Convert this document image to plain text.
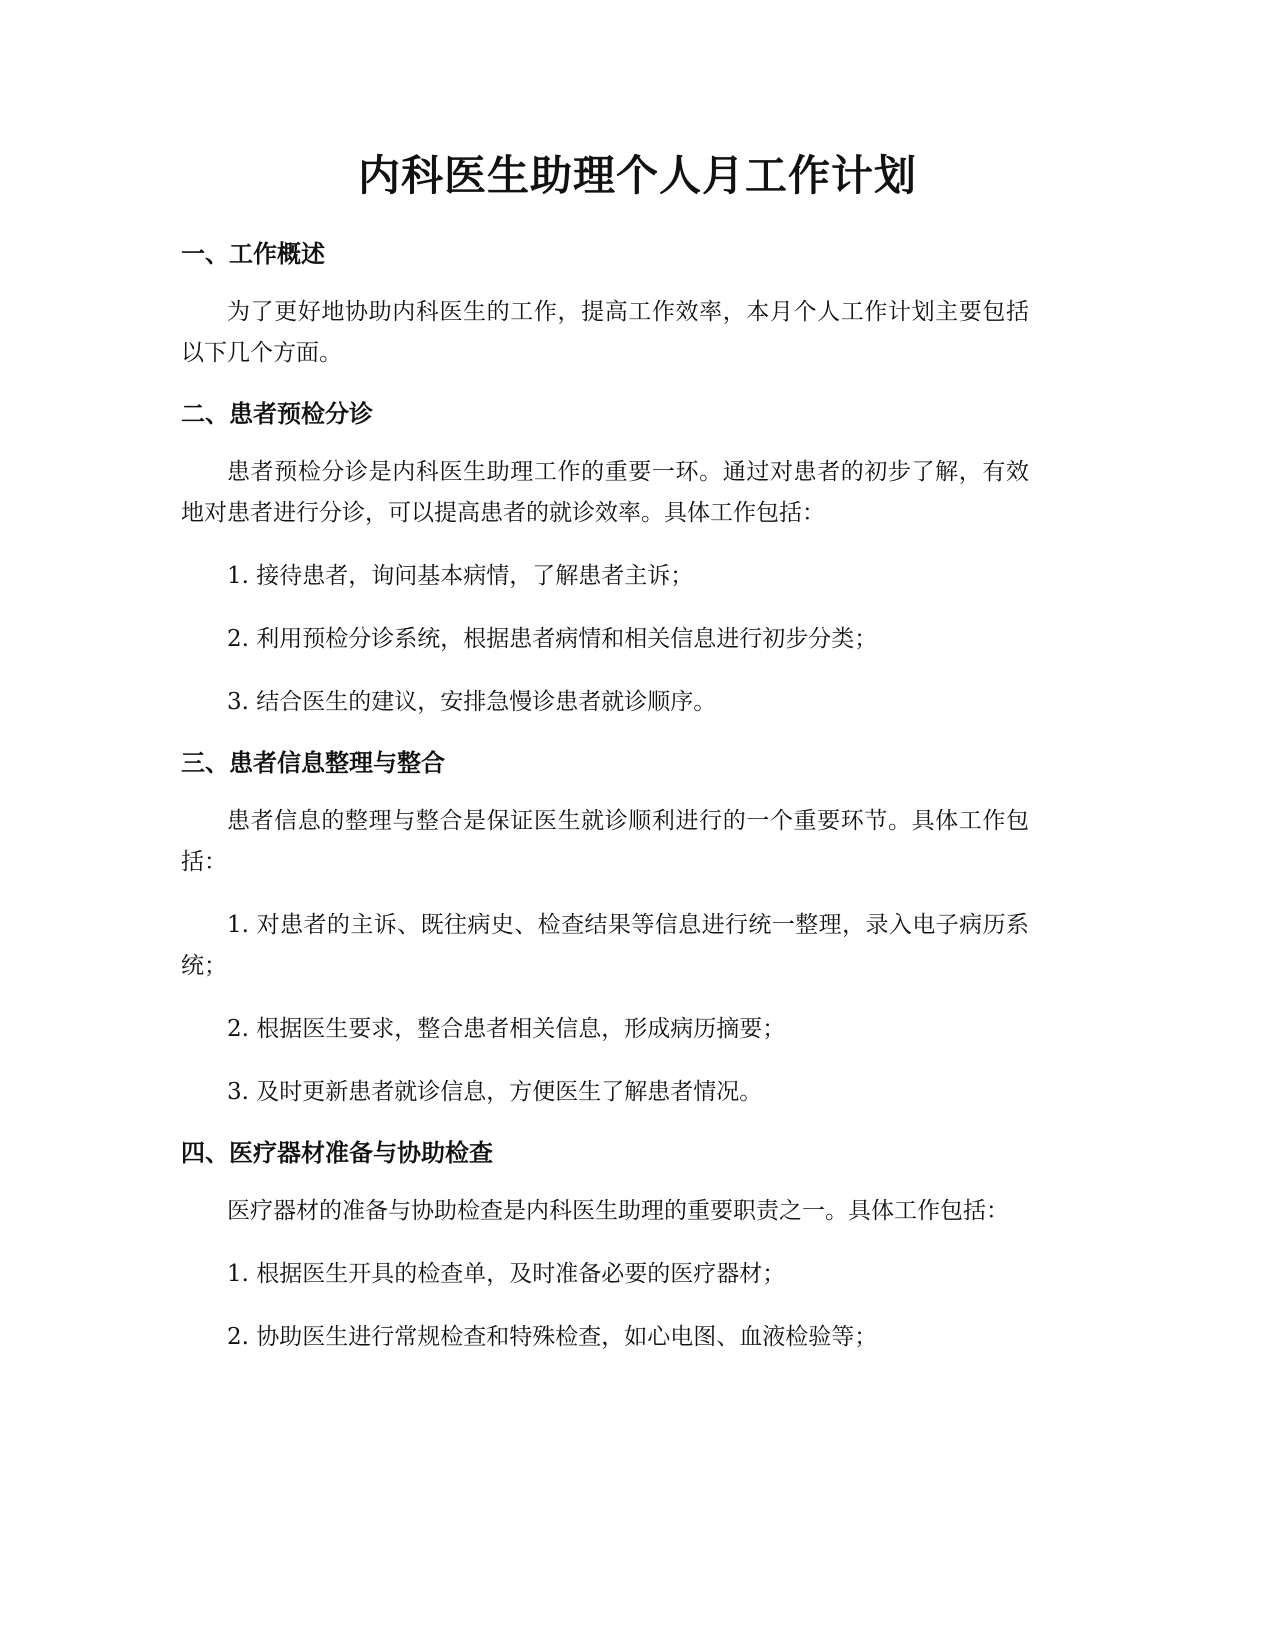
内科医生助理个人月工作计划
一、工作概述
为了更好地协助内科医生的工作，提高工作效率，本月个人工作计划主要包括以下几个方面。
二、患者预检分诊
患者预检分诊是内科医生助理工作的重要一环。通过对患者的初步了解，有效地对患者进行分诊，可以提高患者的就诊效率。具体工作包括：
1. 接待患者，询问基本病情，了解患者主诉；
2. 利用预检分诊系统，根据患者病情和相关信息进行初步分类；
3. 结合医生的建议，安排急慢诊患者就诊顺序。
三、患者信息整理与整合
患者信息的整理与整合是保证医生就诊顺利进行的一个重要环节。具体工作包括：
1. 对患者的主诉、既往病史、检查结果等信息进行统一整理，录入电子病历系统；
2. 根据医生要求，整合患者相关信息，形成病历摘要；
3. 及时更新患者就诊信息，方便医生了解患者情况。
四、医疗器材准备与协助检查
医疗器材的准备与协助检查是内科医生助理的重要职责之一。具体工作包括：
1. 根据医生开具的检查单，及时准备必要的医疗器材；
2. 协助医生进行常规检查和特殊检查，如心电图、血液检验等；
